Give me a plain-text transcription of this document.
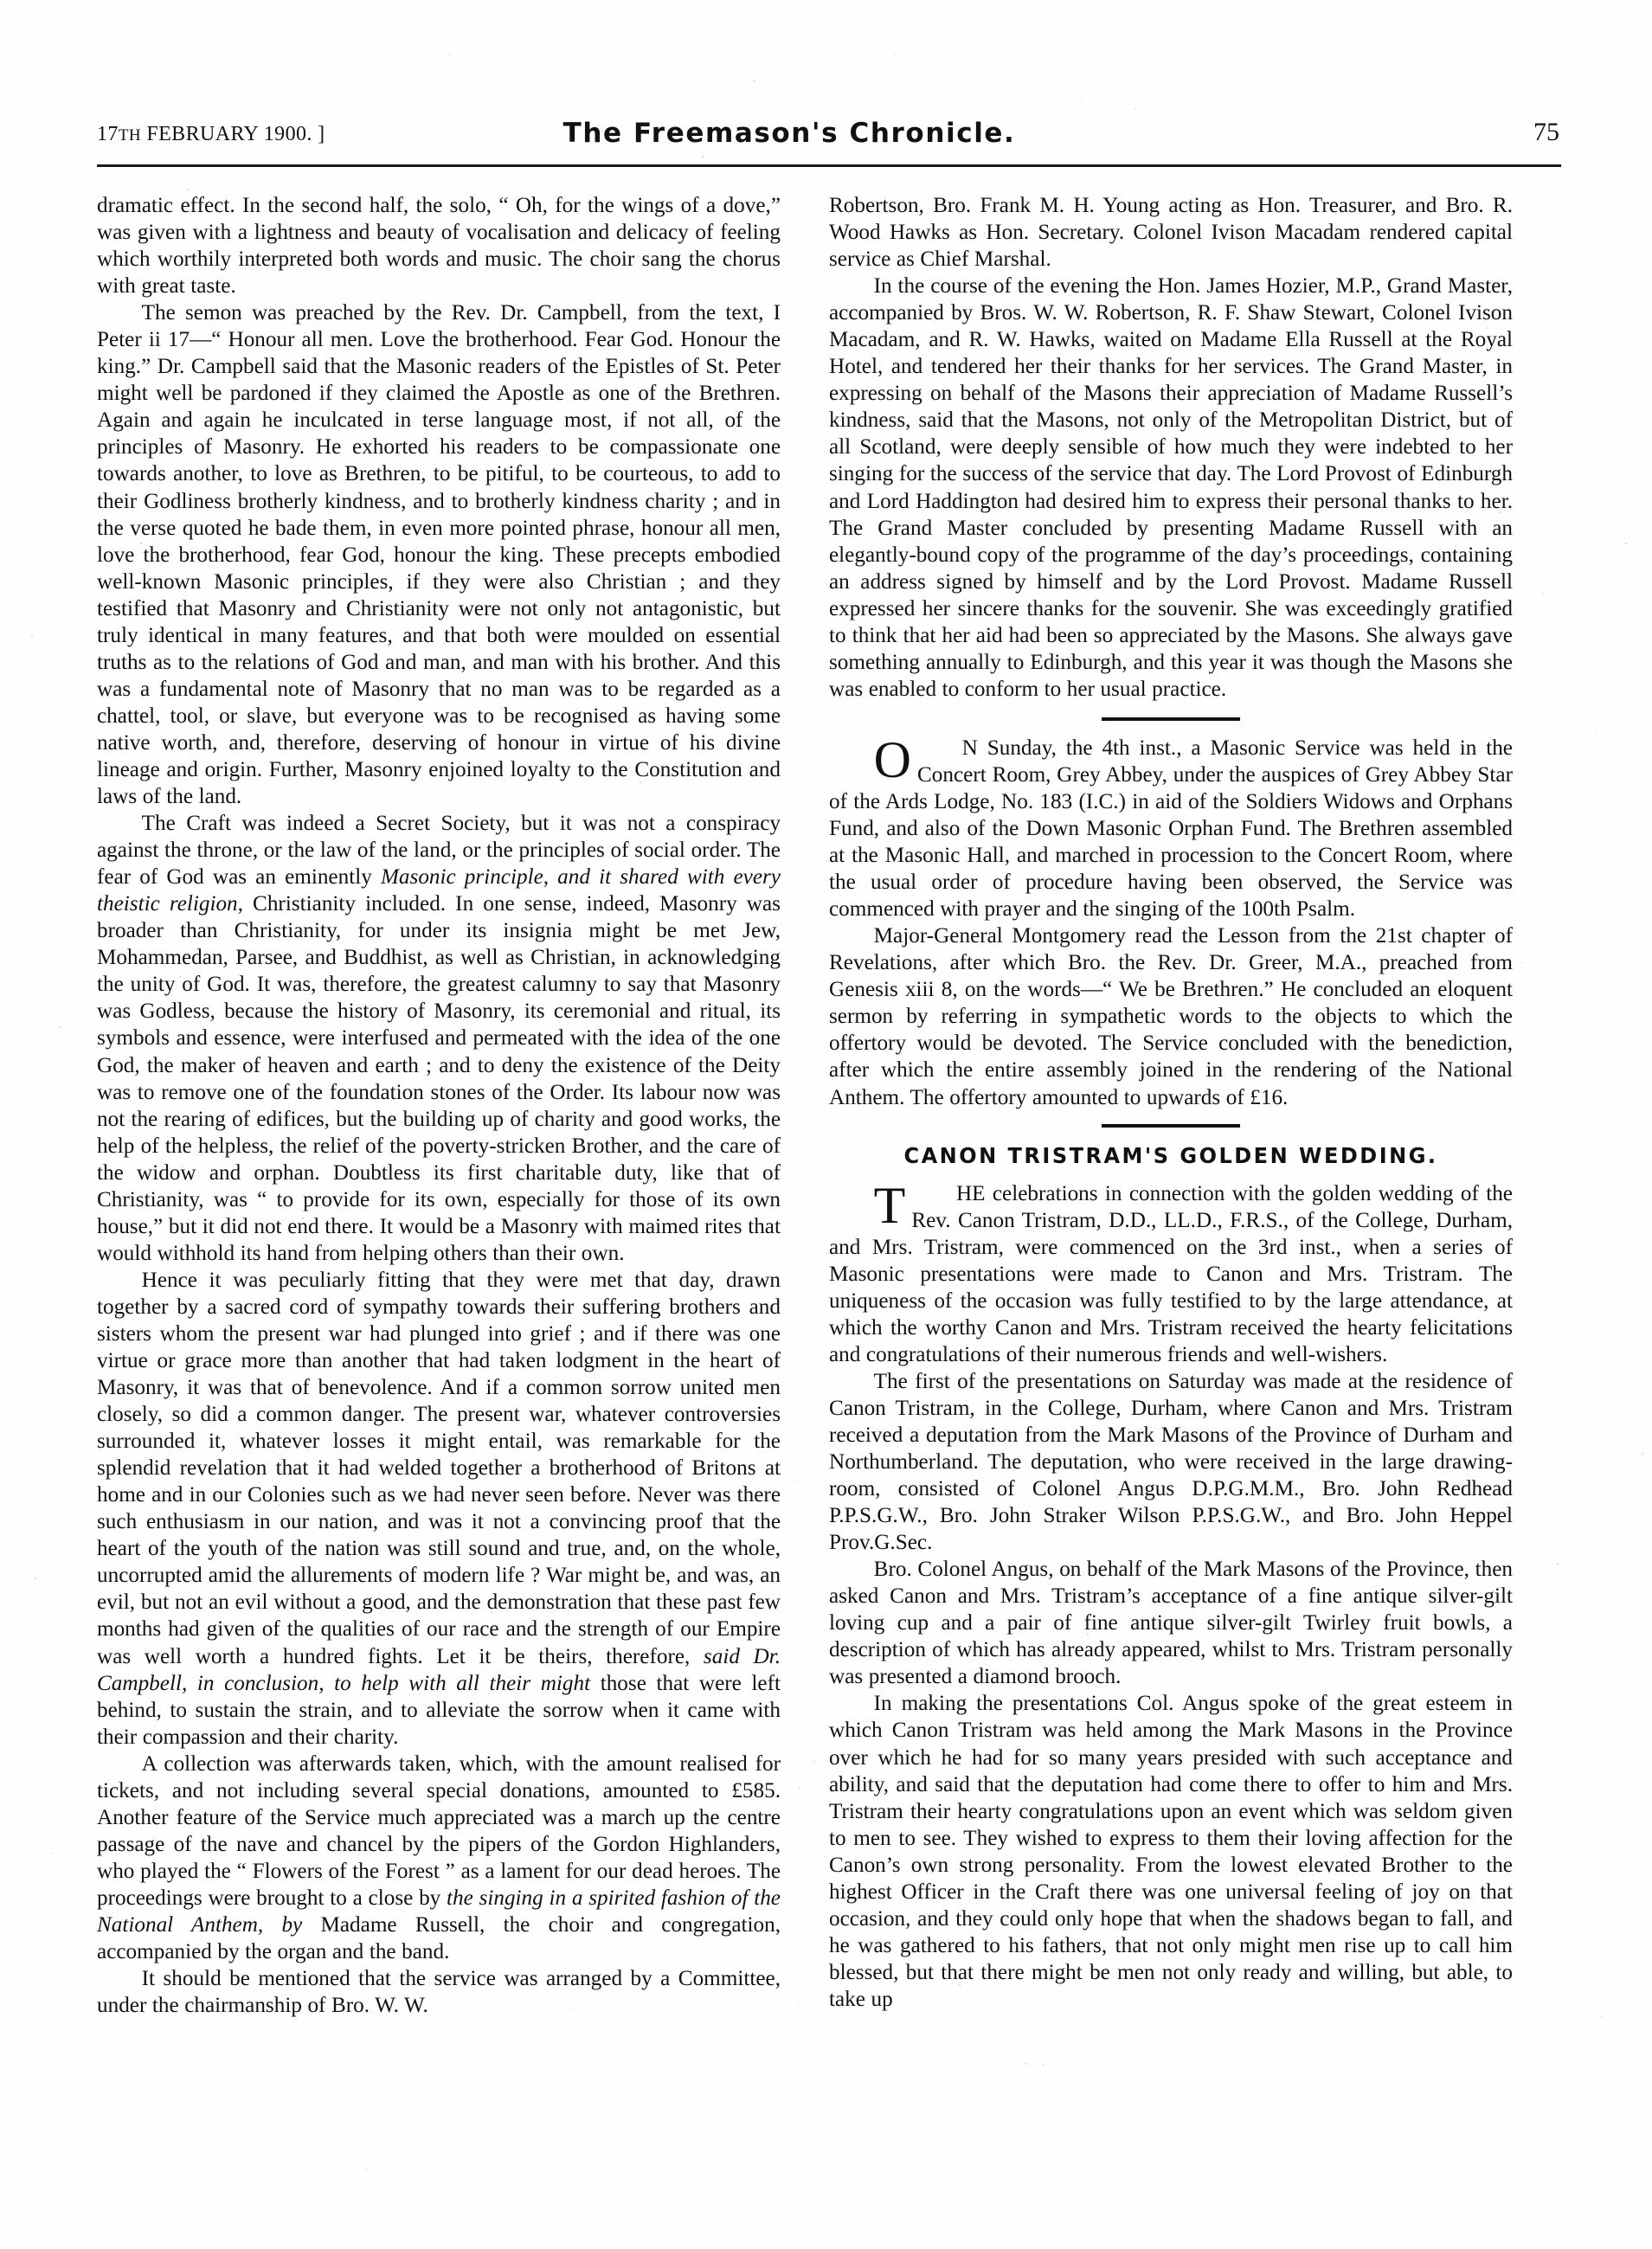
17TH FEBRUARY 1900. ]	The Freemason's Chronicle.	75

dramatic effect. In the second half, the solo, “ Oh, for the wings of a dove,” was given with a lightness and beauty of vocalisation and delicacy of feeling which worthily interpreted both words and music. The choir sang the chorus with great taste.

The semon was preached by the Rev. Dr. Campbell, from the text, I Peter ii 17—“ Honour all men. Love the brotherhood. Fear God. Honour the king.” Dr. Campbell said that the Masonic readers of the Epistles of St. Peter might well be pardoned if they claimed the Apostle as one of the Brethren. Again and again he inculcated in terse language most, if not all, of the principles of Masonry. He exhorted his readers to be compassionate one towards another, to love as Brethren, to be pitiful, to be courteous, to add to their Godliness brotherly kindness, and to brotherly kindness charity ; and in the verse quoted he bade them, in even more pointed phrase, honour all men, love the brotherhood, fear God, honour the king. These precepts embodied well-known Masonic principles, if they were also Christian ; and they testified that Masonry and Christianity were not only not antagonistic, but truly identical in many features, and that both were moulded on essential truths as to the relations of God and man, and man with his brother. And this was a fundamental note of Masonry that no man was to be regarded as a chattel, tool, or slave, but everyone was to be recognised as having some native worth, and, therefore, deserving of honour in virtue of his divine lineage and origin. Further, Masonry enjoined loyalty to the Constitution and laws of the land.

The Craft was indeed a Secret Society, but it was not a conspiracy against the throne, or the law of the land, or the principles of social order. The fear of God was an eminently Masonic principle, and it shared with every theistic religion, Christianity included. In one sense, indeed, Masonry was broader than Christianity, for under its insignia might be met Jew, Mohammedan, Parsee, and Buddhist, as well as Christian, in acknowledging the unity of God. It was, therefore, the greatest calumny to say that Masonry was Godless, because the history of Masonry, its ceremonial and ritual, its symbols and essence, were interfused and permeated with the idea of the one God, the maker of heaven and earth ; and to deny the existence of the Deity was to remove one of the foundation stones of the Order. Its labour now was not the rearing of edifices, but the building up of charity and good works, the help of the helpless, the relief of the poverty-stricken Brother, and the care of the widow and orphan. Doubtless its first charitable duty, like that of Christianity, was “ to provide for its own, especially for those of its own house,” but it did not end there. It would be a Masonry with maimed rites that would withhold its hand from helping others than their own.

Hence it was peculiarly fitting that they were met that day, drawn together by a sacred cord of sympathy towards their suffering brothers and sisters whom the present war had plunged into grief ; and if there was one virtue or grace more than another that had taken lodgment in the heart of Masonry, it was that of benevolence. And if a common sorrow united men closely, so did a common danger. The present war, whatever controversies surrounded it, whatever losses it might entail, was remarkable for the splendid revelation that it had welded together a brotherhood of Britons at home and in our Colonies such as we had never seen before. Never was there such enthusiasm in our nation, and was it not a convincing proof that the heart of the youth of the nation was still sound and true, and, on the whole, uncorrupted amid the allurements of modern life ? War might be, and was, an evil, but not an evil without a good, and the demonstration that these past few months had given of the qualities of our race and the strength of our Empire was well worth a hundred fights. Let it be theirs, therefore, said Dr. Campbell, in conclusion, to help with all their might those that were left behind, to sustain the strain, and to alleviate the sorrow when it came with their compassion and their charity.

A collection was afterwards taken, which, with the amount realised for tickets, and not including several special donations, amounted to £585. Another feature of the Service much appreciated was a march up the centre passage of the nave and chancel by the pipers of the Gordon Highlanders, who played the “ Flowers of the Forest ” as a lament for our dead heroes. The proceedings were brought to a close by the singing in a spirited fashion of the National Anthem, by Madame Russell, the choir and congregation, accompanied by the organ and the band.

It should be mentioned that the service was arranged by a Committee, under the chairmanship of Bro. W. W.

Robertson, Bro. Frank M. H. Young acting as Hon. Treasurer, and Bro. R. Wood Hawks as Hon. Secretary. Colonel Ivison Macadam rendered capital service as Chief Marshal.

In the course of the evening the Hon. James Hozier, M.P., Grand Master, accompanied by Bros. W. W. Robertson, R. F. Shaw Stewart, Colonel Ivison Macadam, and R. W. Hawks, waited on Madame Ella Russell at the Royal Hotel, and tendered her their thanks for her services. The Grand Master, in expressing on behalf of the Masons their appreciation of Madame Russell’s kindness, said that the Masons, not only of the Metropolitan District, but of all Scotland, were deeply sensible of how much they were indebted to her singing for the success of the service that day. The Lord Provost of Edinburgh and Lord Haddington had desired him to express their personal thanks to her. The Grand Master concluded by presenting Madame Russell with an elegantly-bound copy of the programme of the day’s proceedings, containing an address signed by himself and by the Lord Provost. Madame Russell expressed her sincere thanks for the souvenir. She was exceedingly gratified to think that her aid had been so appreciated by the Masons. She always gave something annually to Edinburgh, and this year it was though the Masons she was enabled to conform to her usual practice.

O N Sunday, the 4th inst., a Masonic Service was held in the Concert Room, Grey Abbey, under the auspices of Grey Abbey Star of the Ards Lodge, No. 183 (I.C.) in aid of the Soldiers Widows and Orphans Fund, and also of the Down Masonic Orphan Fund. The Brethren assembled at the Masonic Hall, and marched in procession to the Concert Room, where the usual order of procedure having been observed, the Service was commenced with prayer and the singing of the 100th Psalm.

Major-General Montgomery read the Lesson from the 21st chapter of Revelations, after which Bro. the Rev. Dr. Greer, M.A., preached from Genesis xiii 8, on the words—“ We be Brethren.” He concluded an eloquent sermon by referring in sympathetic words to the objects to which the offertory would be devoted. The Service concluded with the benediction, after which the entire assembly joined in the rendering of the National Anthem. The offertory amounted to upwards of £16.

CANON TRISTRAM'S GOLDEN WEDDING.

T HE celebrations in connection with the golden wedding of the Rev. Canon Tristram, D.D., LL.D., F.R.S., of the College, Durham, and Mrs. Tristram, were commenced on the 3rd inst., when a series of Masonic presentations were made to Canon and Mrs. Tristram. The uniqueness of the occasion was fully testified to by the large attendance, at which the worthy Canon and Mrs. Tristram received the hearty felicitations and congratulations of their numerous friends and well-wishers.

The first of the presentations on Saturday was made at the residence of Canon Tristram, in the College, Durham, where Canon and Mrs. Tristram received a deputation from the Mark Masons of the Province of Durham and Northumberland. The deputation, who were received in the large drawing-room, consisted of Colonel Angus D.P.G.M.M., Bro. John Redhead P.P.S.G.W., Bro. John Straker Wilson P.P.S.G.W., and Bro. John Heppel Prov.G.Sec.

Bro. Colonel Angus, on behalf of the Mark Masons of the Province, then asked Canon and Mrs. Tristram’s acceptance of a fine antique silver-gilt loving cup and a pair of fine antique silver-gilt Twirley fruit bowls, a description of which has already appeared, whilst to Mrs. Tristram personally was presented a diamond brooch.

In making the presentations Col. Angus spoke of the great esteem in which Canon Tristram was held among the Mark Masons in the Province over which he had for so many years presided with such acceptance and ability, and said that the deputation had come there to offer to him and Mrs. Tristram their hearty congratulations upon an event which was seldom given to men to see. They wished to express to them their loving affection for the Canon’s own strong personality. From the lowest elevated Brother to the highest Officer in the Craft there was one universal feeling of joy on that occasion, and they could only hope that when the shadows began to fall, and he was gathered to his fathers, that not only might men rise up to call him blessed, but that there might be men not only ready and willing, but able, to take up
